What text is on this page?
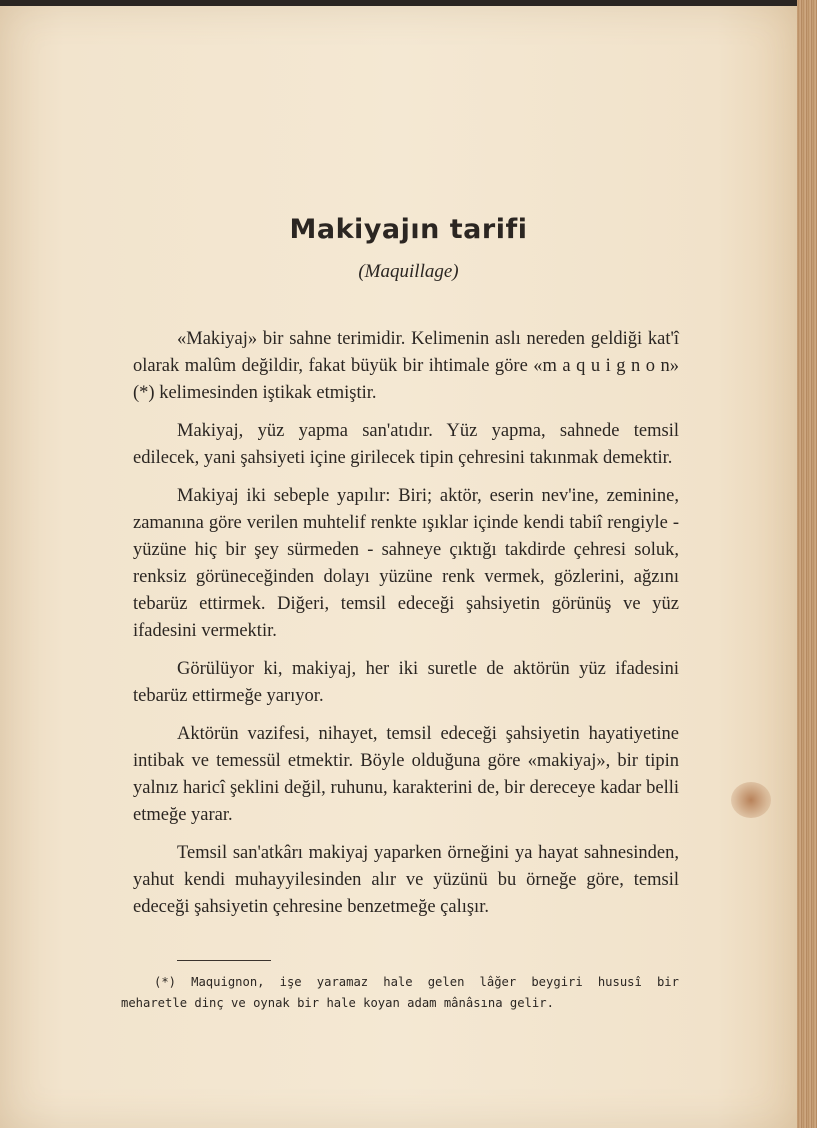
Makiyajın tarifi
(Maquillage)

«Makiyaj» bir sahne terimidir. Kelimenin aslı nereden geldiği kat'î olarak malûm değildir, fakat büyük bir ihtimale göre «m a q u i g n o n» (*) kelimesinden iştikak etmiştir.

Makiyaj, yüz yapma san'atıdır. Yüz yapma, sahnede temsil edilecek, yani şahsiyeti içine girilecek tipin çehresini takınmak demektir.

Makiyaj iki sebeple yapılır: Biri; aktör, eserin nev'ine, zeminine, zamanına göre verilen muhtelif renkte ışıklar içinde kendi tabiî rengiyle - yüzüne hiç bir şey sürmeden - sahneye çıktığı takdirde çehresi soluk, renksiz görüneceğinden dolayı yüzüne renk vermek, gözlerini, ağzını tebarüz ettirmek. Diğeri, temsil edeceği şahsiyetin görünüş ve yüz ifadesini vermektir.

Görülüyor ki, makiyaj, her iki suretle de aktörün yüz ifadesini tebarüz ettirmeğe yarıyor.

Aktörün vazifesi, nihayet, temsil edeceği şahsiyetin hayatiyetine intibak ve temessül etmektir. Böyle olduğuna göre «makiyaj», bir tipin yalnız haricî şeklini değil, ruhunu, karakterini de, bir dereceye kadar belli etmeğe yarar.

Temsil san'atkârı makiyaj yaparken örneğini ya hayat sahnesinden, yahut kendi muhayyilesinden alır ve yüzünü bu örneğe göre, temsil edeceği şahsiyetin çehresine benzetmeğe çalışır.

(*) Maquignon, işe yaramaz hale gelen lâğer beygiri hususî bir meharetle dinç ve oynak bir hale koyan adam mânâsına gelir.
